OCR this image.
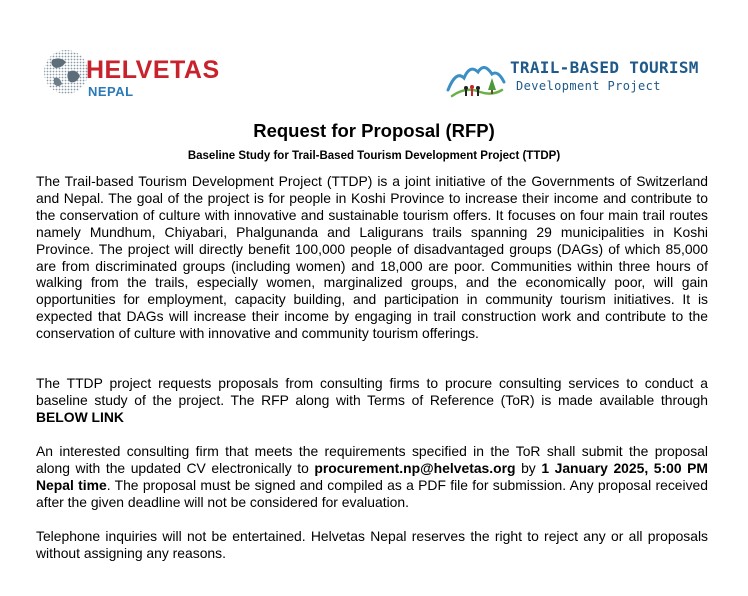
HELVETAS
NEPAL
TRAIL-BASED TOURISM
Development Project
Request for Proposal (RFP)
Baseline Study for Trail-Based Tourism Development Project (TTDP)

The Trail-based Tourism Development Project (TTDP) is a joint initiative of the Governments of Switzerland and Nepal. The goal of the project is for people in Koshi Province to increase their income and contribute to the conservation of culture with innovative and sustainable tourism offers. It focuses on four main trail routes namely Mundhum, Chiyabari, Phalgunanda and Laligurans trails spanning 29 municipalities in Koshi Province. The project will directly benefit 100,000 people of disadvantaged groups (DAGs) of which 85,000 are from discriminated groups (including women) and 18,000 are poor. Communities within three hours of walking from the trails, especially women, marginalized groups, and the economically poor, will gain opportunities for employment, capacity building, and participation in community tourism initiatives. It is expected that DAGs will increase their income by engaging in trail construction work and contribute to the conservation of culture with innovative and community tourism offerings.

The TTDP project requests proposals from consulting firms to procure consulting services to conduct a baseline study of the project. The RFP along with Terms of Reference (ToR) is made available through BELOW LINK

An interested consulting firm that meets the requirements specified in the ToR shall submit the proposal along with the updated CV electronically to procurement.np@helvetas.org by 1 January 2025, 5:00 PM Nepal time. The proposal must be signed and compiled as a PDF file for submission. Any proposal received after the given deadline will not be considered for evaluation.

Telephone inquiries will not be entertained. Helvetas Nepal reserves the right to reject any or all proposals without assigning any reasons.
